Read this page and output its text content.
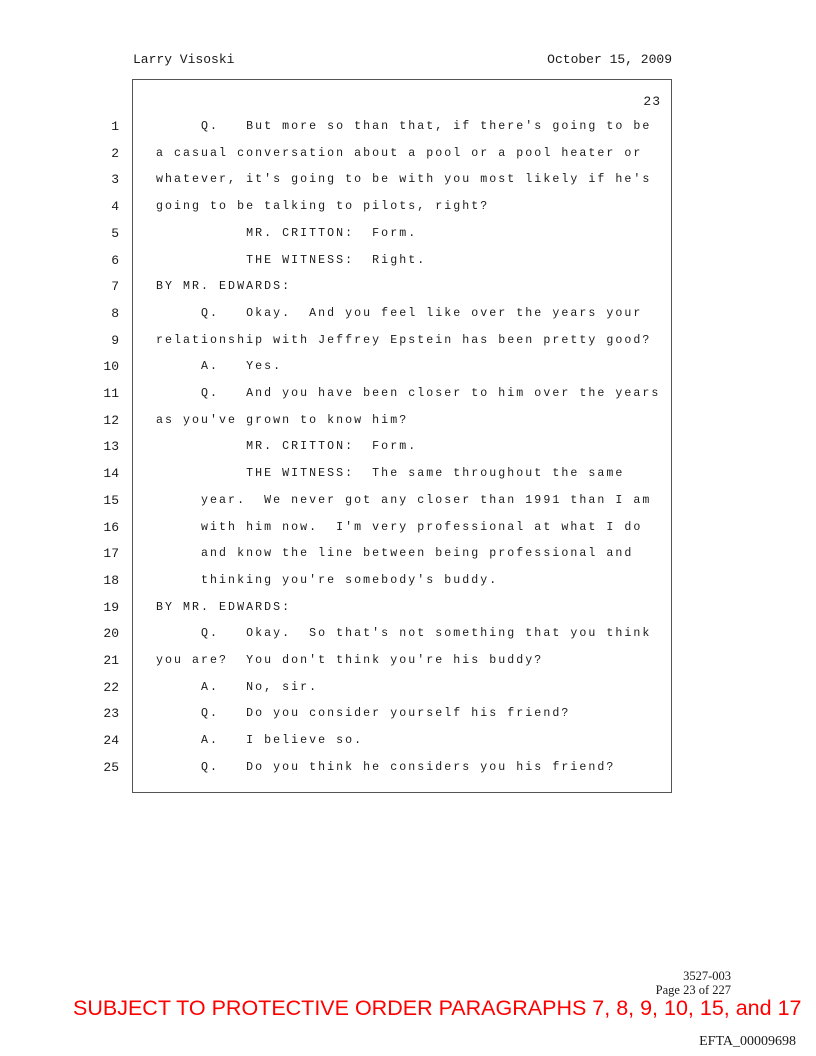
Larry Visoski	October 15, 2009
23
1	Q.   But more so than that, if there's going to be
2	a casual conversation about a pool or a pool heater or
3	whatever, it's going to be with you most likely if he's
4	going to be talking to pilots, right?
5	MR. CRITTON:  Form.
6	THE WITNESS:  Right.
7	BY MR. EDWARDS:
8	Q.   Okay.  And you feel like over the years your
9	relationship with Jeffrey Epstein has been pretty good?
10	A.   Yes.
11	Q.   And you have been closer to him over the years
12	as you've grown to know him?
13	MR. CRITTON:  Form.
14	THE WITNESS:  The same throughout the same
15	year.  We never got any closer than 1991 than I am
16	with him now.  I'm very professional at what I do
17	and know the line between being professional and
18	thinking you're somebody's buddy.
19	BY MR. EDWARDS:
20	Q.   Okay.  So that's not something that you think
21	you are?  You don't think you're his buddy?
22	A.   No, sir.
23	Q.   Do you consider yourself his friend?
24	A.   I believe so.
25	Q.   Do you think he considers you his friend?
3527-003
Page 23 of 227
SUBJECT TO PROTECTIVE ORDER PARAGRAPHS 7, 8, 9, 10, 15, and 17
EFTA_00009698
